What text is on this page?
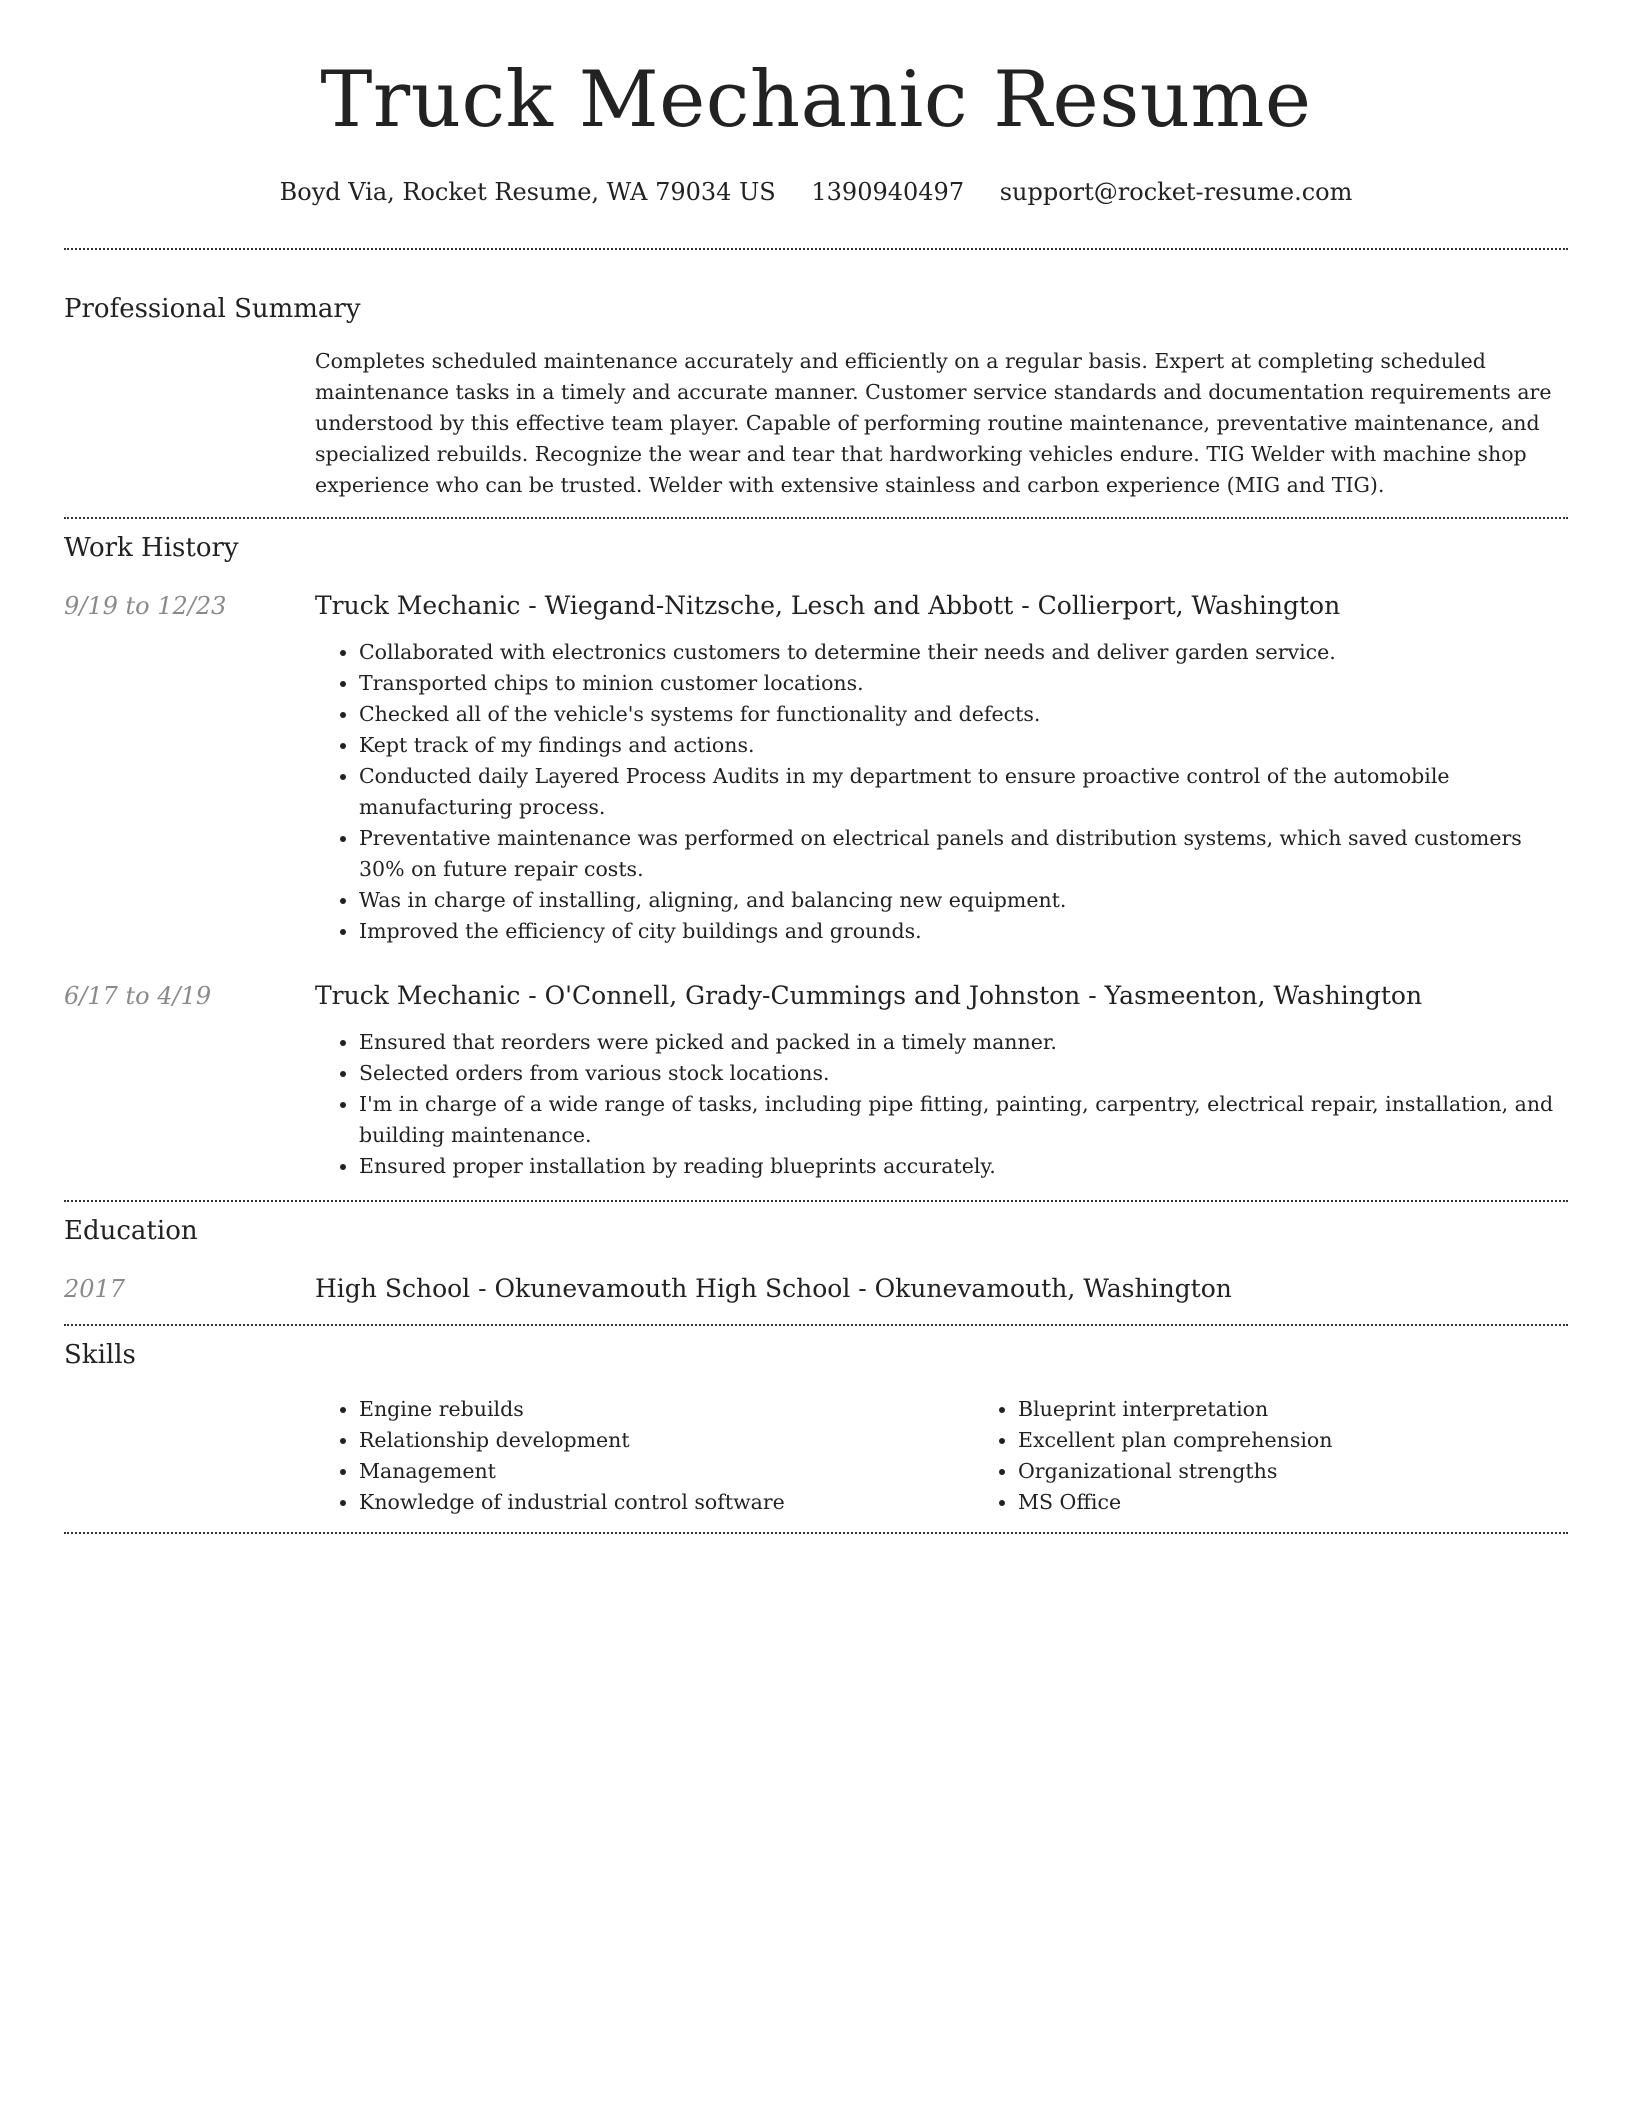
Truck Mechanic Resume
Boyd Via, Rocket Resume, WA 79034 US 1390940497 support@rocket-resume.com
Professional Summary

Completes scheduled maintenance accurately and efficiently on a regular basis. Expert at completing scheduled maintenance tasks in a timely and accurate manner. Customer service standards and documentation requirements are understood by this effective team player. Capable of performing routine maintenance, preventative maintenance, and specialized rebuilds. Recognize the wear and tear that hardworking vehicles endure. TIG Welder with machine shop experience who can be trusted. Welder with extensive stainless and carbon experience (MIG and TIG).

Work History
9/19 to 12/23	Truck Mechanic - Wiegand-Nitzsche, Lesch and Abbott - Collierport, Washington
• Collaborated with electronics customers to determine their needs and deliver garden service.
• Transported chips to minion customer locations.
• Checked all of the vehicle's systems for functionality and defects.
• Kept track of my findings and actions.
• Conducted daily Layered Process Audits in my department to ensure proactive control of the automobile manufacturing process.
• Preventative maintenance was performed on electrical panels and distribution systems, which saved customers 30% on future repair costs.
• Was in charge of installing, aligning, and balancing new equipment.
• Improved the efficiency of city buildings and grounds.
6/17 to 4/19	Truck Mechanic - O'Connell, Grady-Cummings and Johnston - Yasmeenton, Washington
• Ensured that reorders were picked and packed in a timely manner.
• Selected orders from various stock locations.
• I'm in charge of a wide range of tasks, including pipe fitting, painting, carpentry, electrical repair, installation, and building maintenance.
• Ensured proper installation by reading blueprints accurately.
Education
2017	High School - Okunevamouth High School - Okunevamouth, Washington
Skills
• Engine rebuilds
• Relationship development
• Management
• Knowledge of industrial control software
• Blueprint interpretation
• Excellent plan comprehension
• Organizational strengths
• MS Office
